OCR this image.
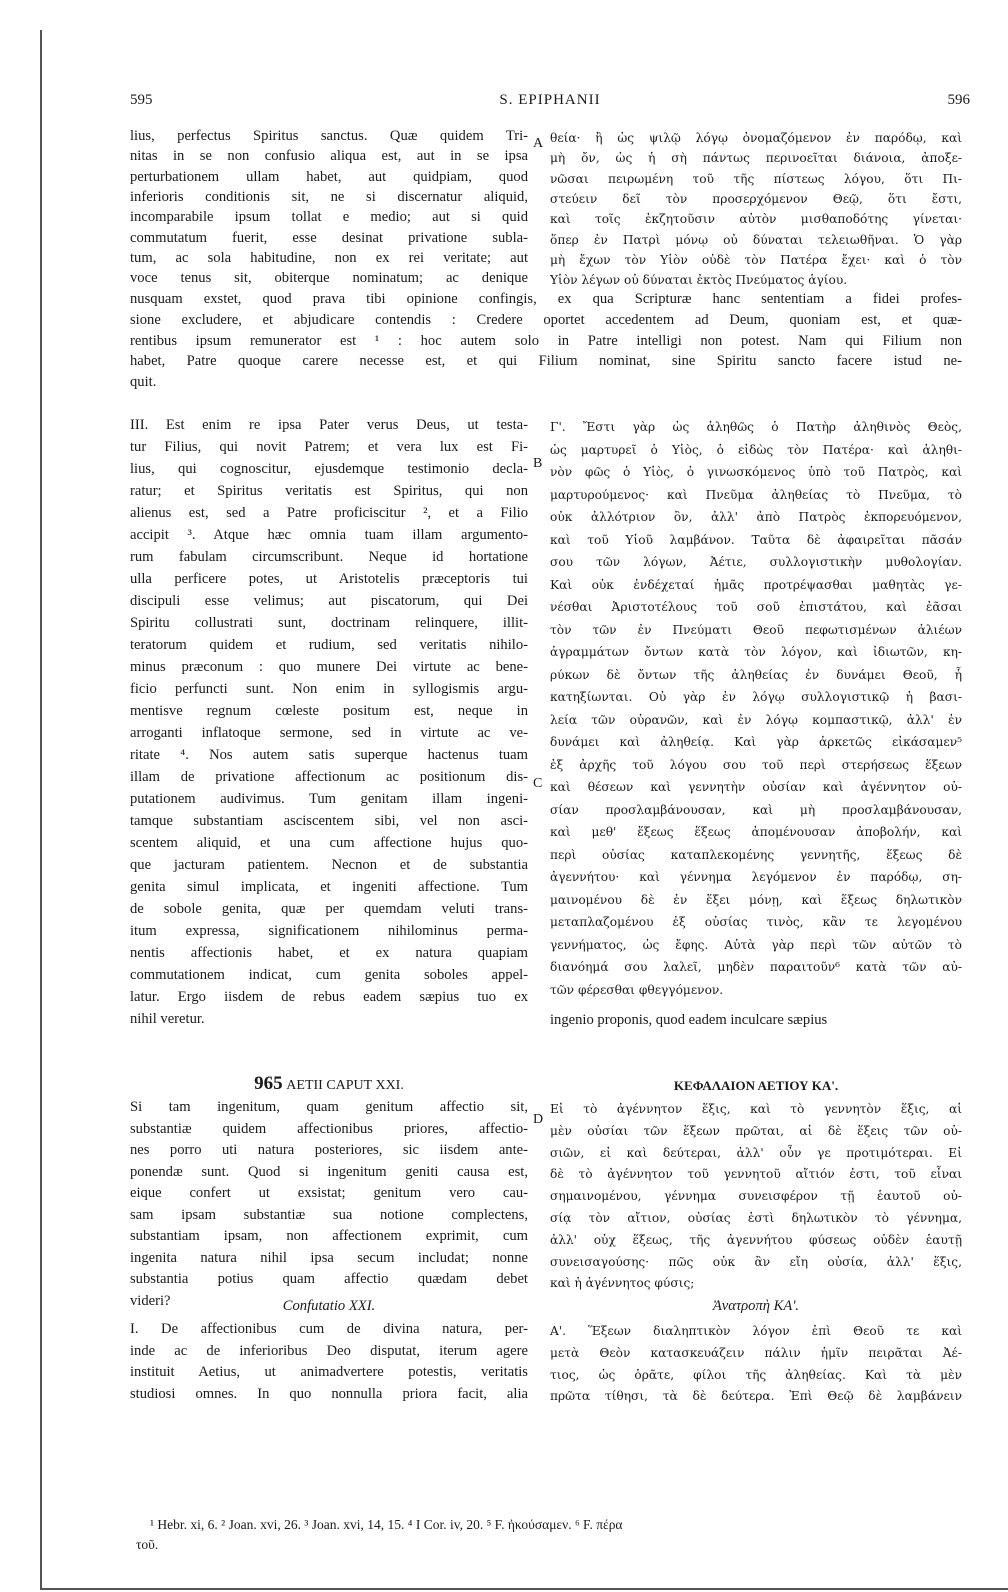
595	S. EPIPHANII	596
A
B
C
D
lius, perfectus Spiritus sanctus. Quæ quidem Tri-
nitas in se non confusio aliqua est, aut in se ipsa
perturbationem ullam habet, aut quidpiam, quod
inferioris conditionis sit, ne si discernatur aliquid,
incomparabile ipsum tollat e medio; aut si quid
commutatum fuerit, esse desinat privatione subla-
tum, ac sola habitudine, non ex rei veritate; aut
voce tenus sit, obiterque nominatum; ac denique
θεία· ἢ ὡς ψιλῷ λόγῳ ὀνομαζόμενον ἐν παρόδῳ, καὶ
μὴ ὄν, ὡς ἡ σὴ πάντως περινοεῖται διάνοια, ἀποξε-
νῶσαι πειρωμένη τοῦ τῆς πίστεως λόγου, ὅτι Πι-
στεύειν δεῖ τὸν προσερχόμενον Θεῷ, ὅτι ἔστι,
καὶ τοῖς ἐκζητοῦσιν αὐτὸν μισθαποδότης γίνεται·
ὅπερ ἐν Πατρὶ μόνῳ οὐ δύναται τελειωθῆναι. Ὁ γὰρ
μὴ ἔχων τὸν Υἱὸν οὐδὲ τὸν Πατέρα ἔχει· καὶ ὁ τὸν
Υἱὸν λέγων οὐ δύναται ἐκτὸς Πνεύματος ἁγίου.
nusquam exstet, quod prava tibi opinione confingis, ex qua Scripturæ hanc sententiam a fidei profes-
sione excludere, et abjudicare contendis : Credere oportet accedentem ad Deum, quoniam est, et quæ-
rentibus ipsum remunerator est ¹ : hoc autem solo in Patre intelligi non potest. Nam qui Filium non
habet, Patre quoque carere necesse est, et qui Filium nominat, sine Spiritu sancto facere istud ne-
quit.
III. Est enim re ipsa Pater verus Deus, ut testa-
tur Filius, qui novit Patrem; et vera lux est Fi-
lius, qui cognoscitur, ejusdemque testimonio decla-
ratur; et Spiritus veritatis est Spiritus, qui non
alienus est, sed a Patre proficiscitur ², et a Filio
accipit ³. Atque hæc omnia tuam illam argumento-
rum fabulam circumscribunt. Neque id hortatione
ulla perficere potes, ut Aristotelis præceptoris tui
discipuli esse velimus; aut piscatorum, qui Dei
Spiritu collustrati sunt, doctrinam relinquere, illit-
teratorum quidem et rudium, sed veritatis nihilo-
minus præconum : quo munere Dei virtute ac bene-
ficio perfuncti sunt. Non enim in syllogismis argu-
mentisve regnum cœleste positum est, neque in
arroganti inflatoque sermone, sed in virtute ac ve-
ritate ⁴. Nos autem satis superque hactenus tuam
illam de privatione affectionum ac positionum dis-
putationem audivimus. Tum genitam illam ingeni-
tamque substantiam asciscentem sibi, vel non asci-
scentem aliquid, et una cum affectione hujus quo-
que jacturam patientem. Necnon et de substantia
genita simul implicata, et ingeniti affectione. Tum
de sobole genita, quæ per quemdam veluti trans-
itum expressa, significationem nihilominus perma-
nentis affectionis habet, et ex natura quapiam
commutationem indicat, cum genita soboles appel-
latur. Ergo iisdem de rebus eadem sæpius tuo ex
nihil veretur.
Γ'. Ἔστι γὰρ ὡς ἀληθῶς ὁ Πατὴρ ἀληθινὸς Θεὸς,
ὡς μαρτυρεῖ ὁ Υἱὸς, ὁ εἰδὼς τὸν Πατέρα· καὶ ἀληθι-
νὸν φῶς ὁ Υἱὸς, ὁ γινωσκόμενος ὑπὸ τοῦ Πατρὸς, καὶ
μαρτυρούμενος· καὶ Πνεῦμα ἀληθείας τὸ Πνεῦμα, τὸ
οὐκ ἀλλότριον ὂν, ἀλλ' ἀπὸ Πατρὸς ἐκπορευόμενον,
καὶ τοῦ Υἱοῦ λαμβάνον. Ταῦτα δὲ ἀφαιρεῖται πᾶσάν
σου τῶν λόγων, Ἀέτιε, συλλογιστικὴν μυθολογίαν.
Καὶ οὐκ ἐνδέχεταί ἡμᾶς προτρέψασθαι μαθητὰς γε-
νέσθαι Ἀριστοτέλους τοῦ σοῦ ἐπιστάτου, καὶ ἐᾶσαι
τὸν τῶν ἐν Πνεύματι Θεοῦ πεφωτισμένων ἁλιέων
ἀγραμμάτων ὄντων κατὰ τὸν λόγον, καὶ ἰδιωτῶν, κη-
ρύκων δὲ ὄντων τῆς ἀληθείας ἐν δυνάμει Θεοῦ, ἧ
κατηξίωνται. Οὐ γὰρ ἐν λόγῳ συλλογιστικῷ ἡ βασι-
λεία τῶν οὐρανῶν, καὶ ἐν λόγῳ κομπαστικῷ, ἀλλ' ἐν
δυνάμει καὶ ἀληθείᾳ. Καὶ γὰρ ἀρκετῶς εἰκάσαμεν⁵
ἐξ ἀρχῆς τοῦ λόγου σου τοῦ περὶ στερήσεως ἕξεων
καὶ θέσεων καὶ γεννητὴν οὐσίαν καὶ ἀγέννητον οὐ-
σίαν προσλαμβάνουσαν, καὶ μὴ προσλαμβάνουσαν,
καὶ μεθ' ἕξεως ἕξεως ἀπομένουσαν ἀποβολήν, καὶ
περὶ οὐσίας καταπλεκομένης γεννητῆς, ἕξεως δὲ
ἀγεννήτου· καὶ γέννημα λεγόμενον ἐν παρόδῳ, ση-
μαινομένου δὲ ἐν ἕξει μόνῃ, καὶ ἕξεως δηλωτικὸν
μεταπλαζομένου ἐξ οὐσίας τινὸς, κἂν τε λεγομένου
γεννήματος, ὡς ἔφης. Αὐτὰ γὰρ περὶ τῶν αὐτῶν τὸ
διανόημά σου λαλεῖ, μηδὲν παραιτοῦν⁶ κατὰ τῶν αὐ-
τῶν φέρεσθαι φθεγγόμενον.
ingenio proponis, quod eadem inculcare sæpius
Si tam ingenitum, quam genitum affectio sit,
substantiæ quidem affectionibus priores, affectio-
nes porro uti natura posteriores, sic iisdem ante-
ponendæ sunt. Quod si ingenitum geniti causa est,
eique confert ut exsistat; genitum vero cau-
sam ipsam substantiæ sua notione complectens,
substantiam ipsam, non affectionem exprimit, cum
ingenita natura nihil ipsa secum includat; nonne
substantia potius quam affectio quædam debet
videri?
Εἰ τὸ ἀγέννητον ἕξις, καὶ τὸ γεννητὸν ἕξις, αἱ
μὲν οὐσίαι τῶν ἕξεων πρῶται, αἱ δὲ ἕξεις τῶν οὐ-
σιῶν, εἰ καὶ δεύτεραι, ἀλλ' οὖν γε προτιμότεραι. Εἰ
δὲ τὸ ἀγέννητον τοῦ γεννητοῦ αἴτιόν ἐστι, τοῦ εἶναι
σημαινομένου, γέννημα συνεισφέρον τῇ ἑαυτοῦ οὐ-
σίᾳ τὸν αἴτιον, οὐσίας ἐστὶ δηλωτικὸν τὸ γέννημα,
ἀλλ' οὐχ ἕξεως, τῆς ἀγεννήτου φύσεως οὐδὲν ἑαυτῇ
συνεισαγούσης· πῶς οὐκ ἂν εἴη οὐσία, ἀλλ' ἕξις,
καὶ ἡ ἀγέννητος φύσις;
I. De affectionibus cum de divina natura, per-
inde ac de inferioribus Deo disputat, iterum agere
instituit Aetius, ut animadvertere potestis, veritatis
studiosi omnes. In quo nonnulla priora facit, alia
Α'. Ἕξεων διαληπτικὸν λόγον ἐπὶ Θεοῦ τε καὶ
μετὰ Θεὸν κατασκευάζειν πάλιν ἡμῖν πειρᾶται Ἀέ-
τιος, ὡς ὁρᾶτε, φίλοι τῆς ἀληθείας. Καὶ τὰ μὲν
πρῶτα τίθησι, τὰ δὲ δεύτερα. Ἐπὶ Θεῷ δὲ λαμβάνειν
965 AETII CAPUT XXI.	ΚΕΦΑΛΑΙΟΝ ΑΕΤΙΟΥ ΚΑ'.
Confutatio XXI.	Ἀνατροπὴ ΚΑ'.
¹ Hebr. xi, 6. ² Joan. xvi, 26. ³ Joan. xvi, 14, 15. ⁴ I Cor. iv, 20. ⁵ F. ἠκούσαμεν. ⁶ F. πέρα
τοῦ.
